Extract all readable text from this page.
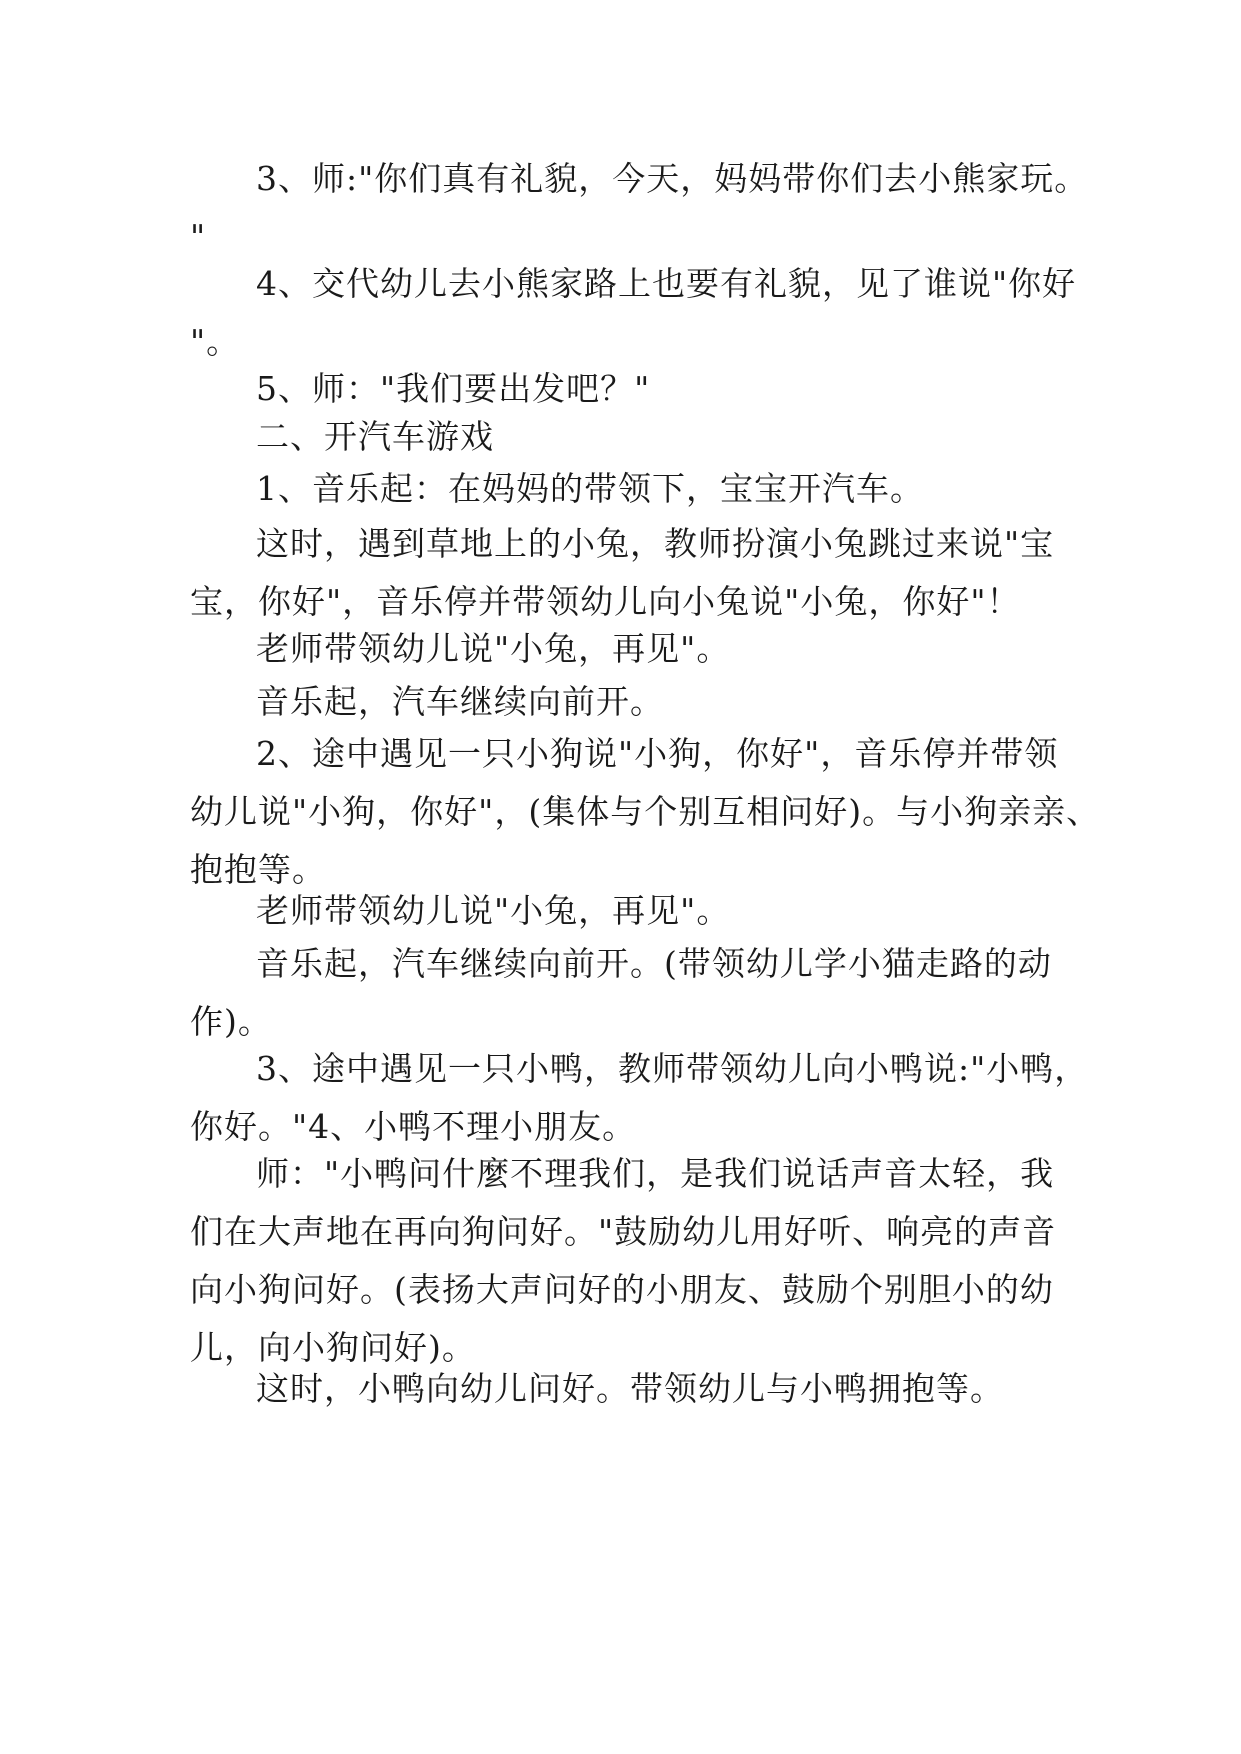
3、师:"你们真有礼貌，今天，妈妈带你们去小熊家玩。
"

4、交代幼儿去小熊家路上也要有礼貌，见了谁说"你好
"。

5、师："我们要出发吧？"

二、开汽车游戏

1、音乐起：在妈妈的带领下，宝宝开汽车。

这时，遇到草地上的小兔，教师扮演小兔跳过来说"宝
宝，你好"，音乐停并带领幼儿向小兔说"小兔，你好"！

老师带领幼儿说"小兔，再见"。

音乐起，汽车继续向前开。

2、途中遇见一只小狗说"小狗，你好"，音乐停并带领
幼儿说"小狗，你好"，(集体与个别互相问好)。与小狗亲亲、
抱抱等。

老师带领幼儿说"小兔，再见"。

音乐起，汽车继续向前开。(带领幼儿学小猫走路的动
作)。

3、途中遇见一只小鸭，教师带领幼儿向小鸭说:"小鸭，
你好。"4、小鸭不理小朋友。

师："小鸭问什麼不理我们，是我们说话声音太轻，我
们在大声地在再向狗问好。"鼓励幼儿用好听、响亮的声音
向小狗问好。(表扬大声问好的小朋友、鼓励个别胆小的幼
儿，向小狗问好)。

这时，小鸭向幼儿问好。带领幼儿与小鸭拥抱等。
